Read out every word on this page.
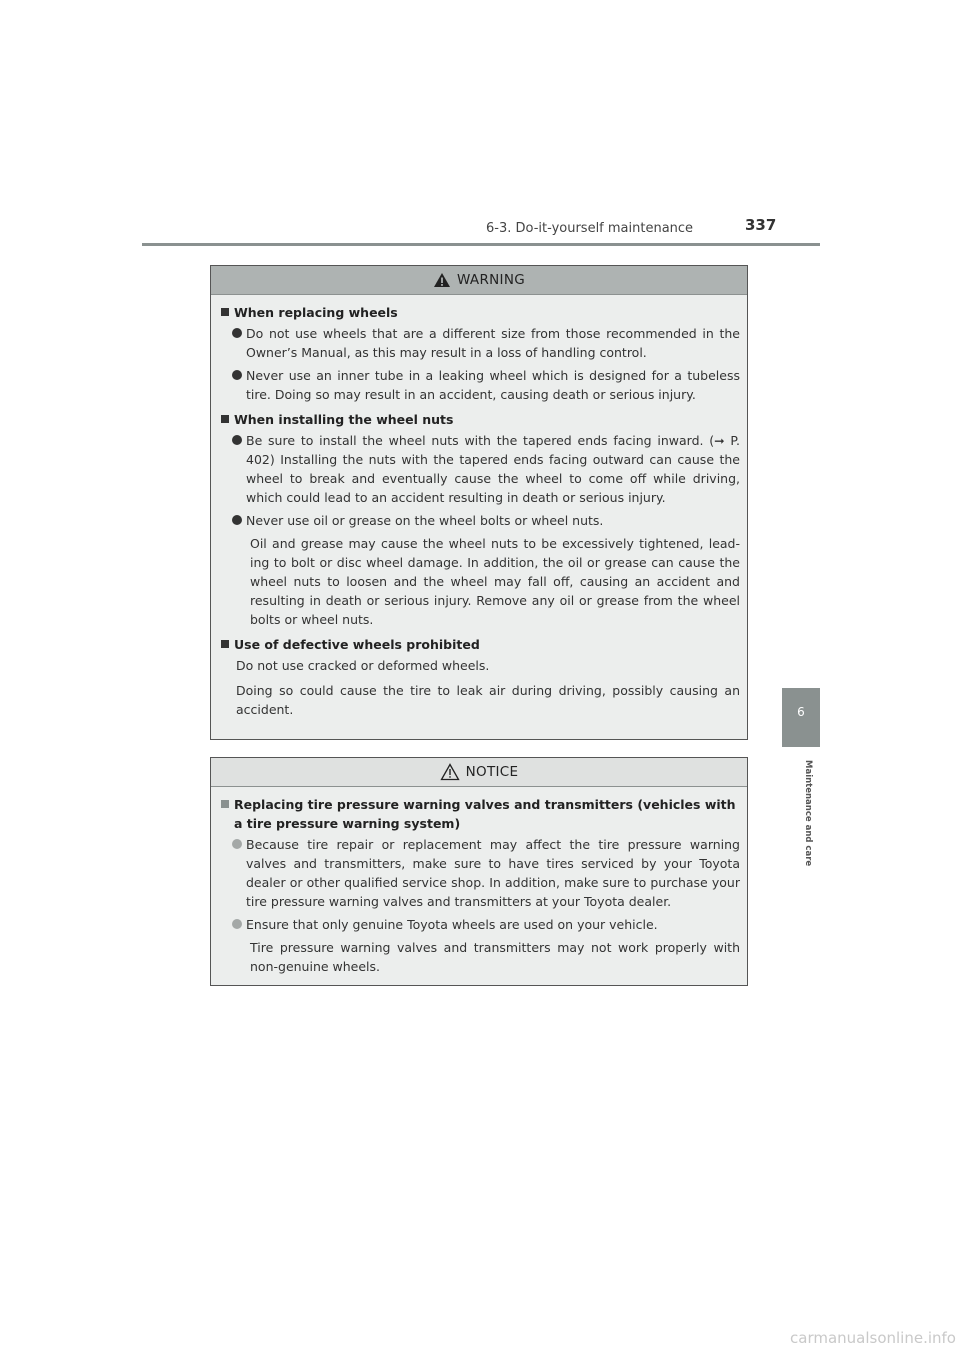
6-3. Do-it-yourself maintenance	337
6
Maintenance and care
WARNING
When replacing wheels
Do not use wheels that are a different size from those recommended in the Owner’s Manual, as this may result in a loss of handling control.
Never use an inner tube in a leaking wheel which is designed for a tubeless tire. Doing so may result in an accident, causing death or serious injury.
When installing the wheel nuts
Be sure to install the wheel nuts with the tapered ends facing inward. (➞ P. 402) Installing the nuts with the tapered ends facing outward can cause the wheel to break and eventually cause the wheel to come off while driving, which could lead to an accident resulting in death or serious injury.
Never use oil or grease on the wheel bolts or wheel nuts.
Oil and grease may cause the wheel nuts to be excessively tightened, lead-ing to bolt or disc wheel damage. In addition, the oil or grease can cause the wheel nuts to loosen and the wheel may fall off, causing an accident and resulting in death or serious injury. Remove any oil or grease from the wheel bolts or wheel nuts.
Use of defective wheels prohibited
Do not use cracked or deformed wheels.
Doing so could cause the tire to leak air during driving, possibly causing an accident.
NOTICE
Replacing tire pressure warning valves and transmitters (vehicles with a tire pressure warning system)
Because tire repair or replacement may affect the tire pressure warning valves and transmitters, make sure to have tires serviced by your Toyota dealer or other qualified service shop. In addition, make sure to purchase your tire pressure warning valves and transmitters at your Toyota dealer.
Ensure that only genuine Toyota wheels are used on your vehicle.
Tire pressure warning valves and transmitters may not work properly with non-genuine wheels.
carmanualsonline.info
